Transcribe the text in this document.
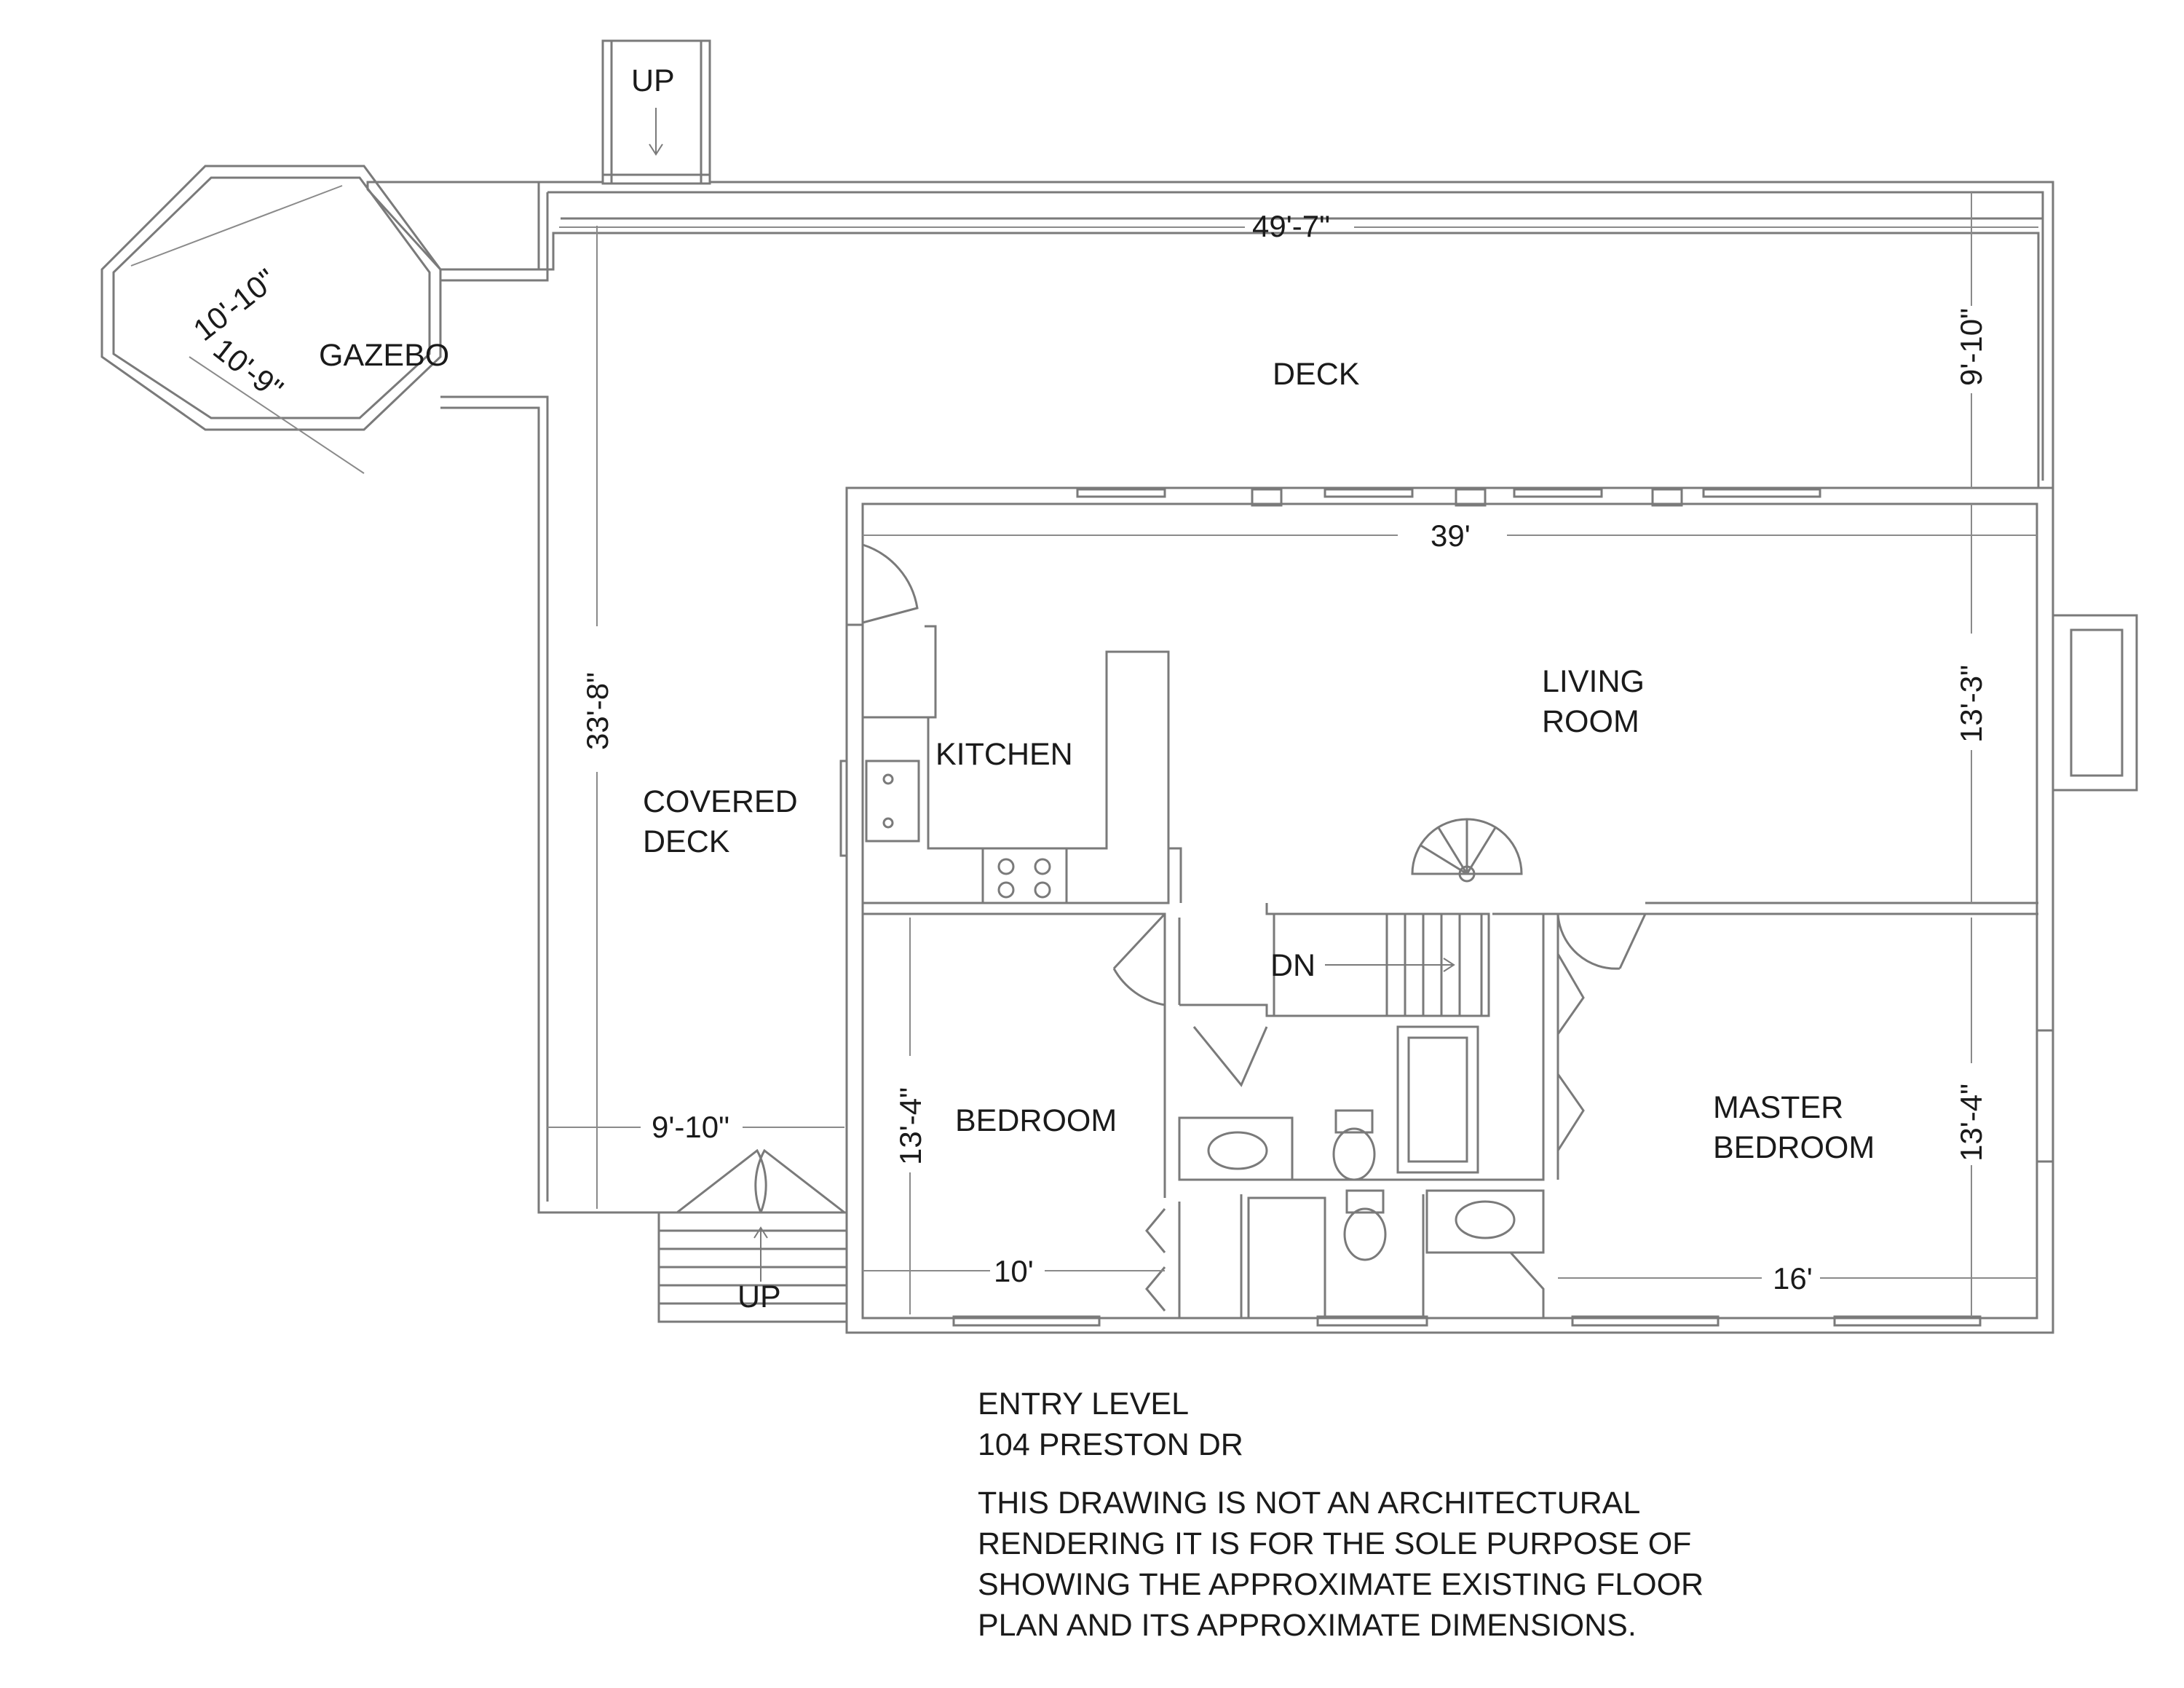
GAZEBO
DECK
COVERED
DECK
KITCHEN
LIVING
ROOM
BEDROOM	MASTER
BEDROOM
UP
UP
DN
49'-7"
9'-10"
10'-10"
10'-9"
33'-8"
39'
13'-3"
9'-10"	13'-4"
10'
13'-4"
16'
ENTRY LEVEL
104 PRESTON DR
THIS DRAWING IS NOT AN ARCHITECTURAL
RENDERING IT IS FOR THE SOLE PURPOSE OF
SHOWING THE APPROXIMATE EXISTING FLOOR
PLAN AND ITS APPROXIMATE DIMENSIONS.
